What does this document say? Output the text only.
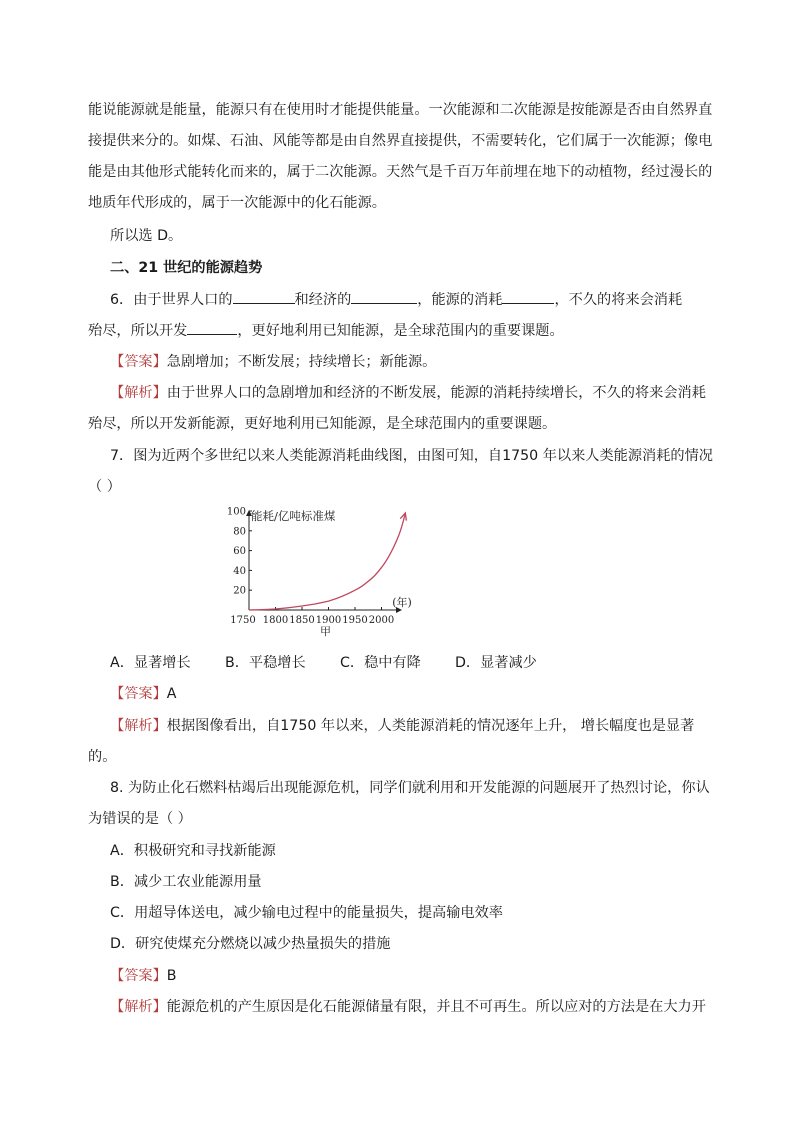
能说能源就是能量，能源只有在使用时才能提供能量。一次能源和二次能源是按能源是否由自然界直
接提供来分的。如煤、石油、风能等都是由自然界直接提供，不需要转化，它们属于一次能源；像电
能是由其他形式能转化而来的，属于二次能源。天然气是千百万年前埋在地下的动植物，经过漫长的
地质年代形成的，属于一次能源中的化石能源。
所以选 D。
二、21 世纪的能源趋势
6．由于世界人口的	和经济的	，能源的消耗	，不久的将来会消耗
殆尽，所以开发	，更好地利用已知能源，是全球范围内的重要课题。
【答案】急剧增加；不断发展；持续增长；新能源。
【解析】由于世界人口的急剧增加和经济的不断发展，能源的消耗持续增长，不久的将来会消耗
殆尽，所以开发新能源，更好地利用已知能源，是全球范围内的重要课题。
7．图为近两个多世纪以来人类能源消耗曲线图，由图可知，自1750 年以来人类能源消耗的情况
（ ）
100
80
60
40
20
1750 1800 1850 1900 1950 2000
能耗/亿吨标准煤
(年)
甲
A．显著增长 B．平稳增长 C．稳中有降 D．显著减少
【答案】A
【解析】根据图像看出，自1750 年以来，人类能源消耗的情况逐年上升， 增长幅度也是显著
的。
8. 为防止化石燃料枯竭后出现能源危机，同学们就利用和开发能源的问题展开了热烈讨论，你认
为错误的是（ ）
A．积极研究和寻找新能源
B．减少工农业能源用量
C．用超导体送电，减少输电过程中的能量损失，提高输电效率
D．研究使煤充分燃烧以减少热量损失的措施
【答案】B
【解析】能源危机的产生原因是化石能源储量有限，并且不可再生。所以应对的方法是在大力开
